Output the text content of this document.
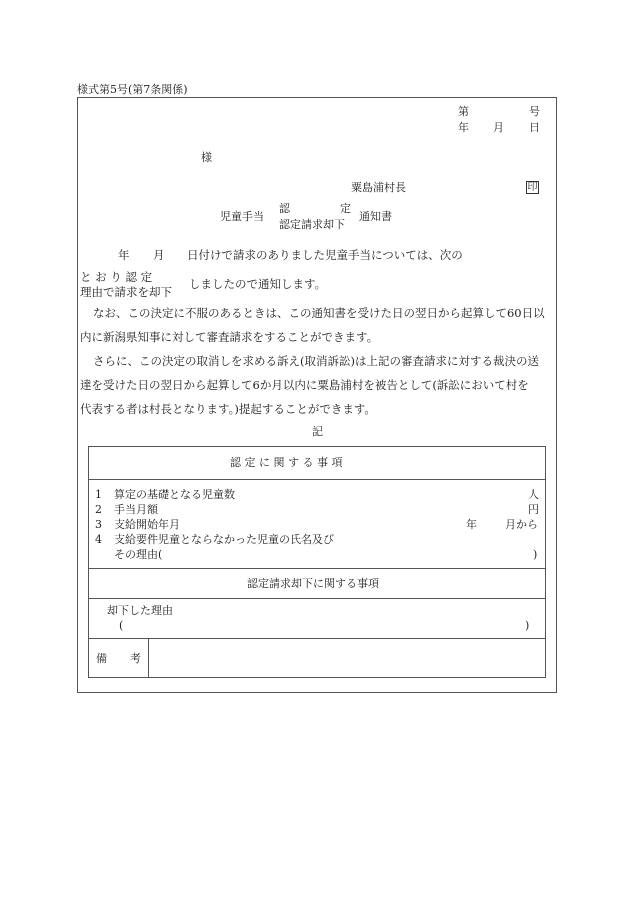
様式第5号(第7条関係)
第	号
年 月 日
様
粟島浦村長	印
児童手当
認	定
認定請求却下
通知書
年 月 日付けで請求のありました児童手当については、次の
と お り 認 定
理由で請求を却下
しましたので通知します。
なお、この決定に不服のあるときは、この通知書を受けた日の翌日から起算して60日以
内に新潟県知事に対して審査請求をすることができます。
さらに、この決定の取消しを求める訴え(取消訴訟)は上記の審査請求に対する裁決の送
達を受けた日の翌日から起算して6か月以内に粟島浦村を被告として(訴訟において村を
代表する者は村長となります。)提起することができます。
記
認 定 に 関 す る 事 項
1 算定の基礎となる児童数	人
2 手当月額	円
3 支給開始年月	年	月から
4 支給要件児童とならなかった児童の氏名及び
その理由(	)
認定請求却下に関する事項
却下した理由
(	)
備 考
